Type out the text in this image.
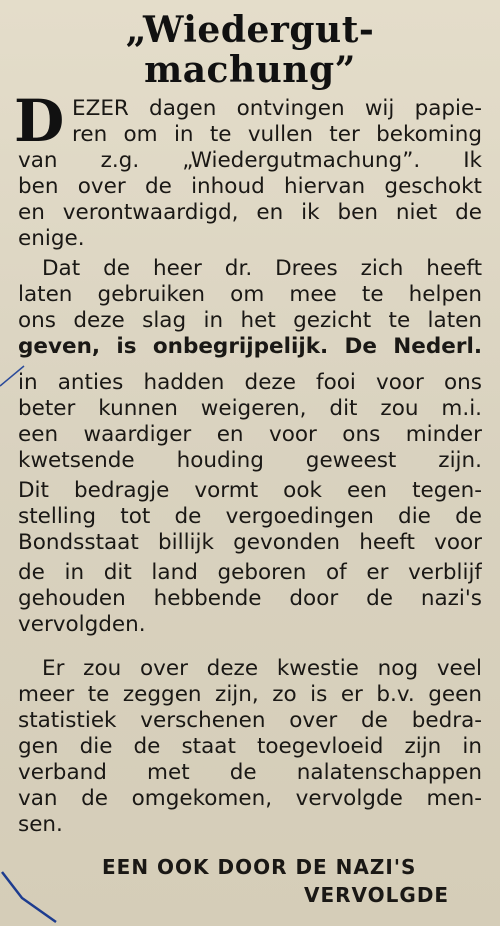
„Wiedergut-
machung”
D EZER dagen ontvingen wij papie-
ren om in te vullen ter bekoming
van z.g. „Wiedergutmachung”. Ik
ben over de inhoud hiervan geschokt
en verontwaardigd, en ik ben niet de
enige.
Dat de heer dr. Drees zich heeft
laten gebruiken om mee te helpen
ons deze slag in het gezicht te laten
geven, is onbegrijpelijk. De Nederl.
in anties hadden deze fooi voor ons
beter kunnen weigeren, dit zou m.i.
een waardiger en voor ons minder
kwetsende houding geweest zijn.
Dit bedragje vormt ook een tegen-
stelling tot de vergoedingen die de
Bondsstaat billijk gevonden heeft voor
de in dit land geboren of er verblijf
gehouden hebbende door de nazi's
vervolgden.
Er zou over deze kwestie nog veel
meer te zeggen zijn, zo is er b.v. geen
statistiek verschenen over de bedra-
gen die de staat toegevloeid zijn in
verband met de nalatenschappen
van de omgekomen, vervolgde men-
sen.
EEN OOK DOOR DE NAZI'S
VERVOLGDE
